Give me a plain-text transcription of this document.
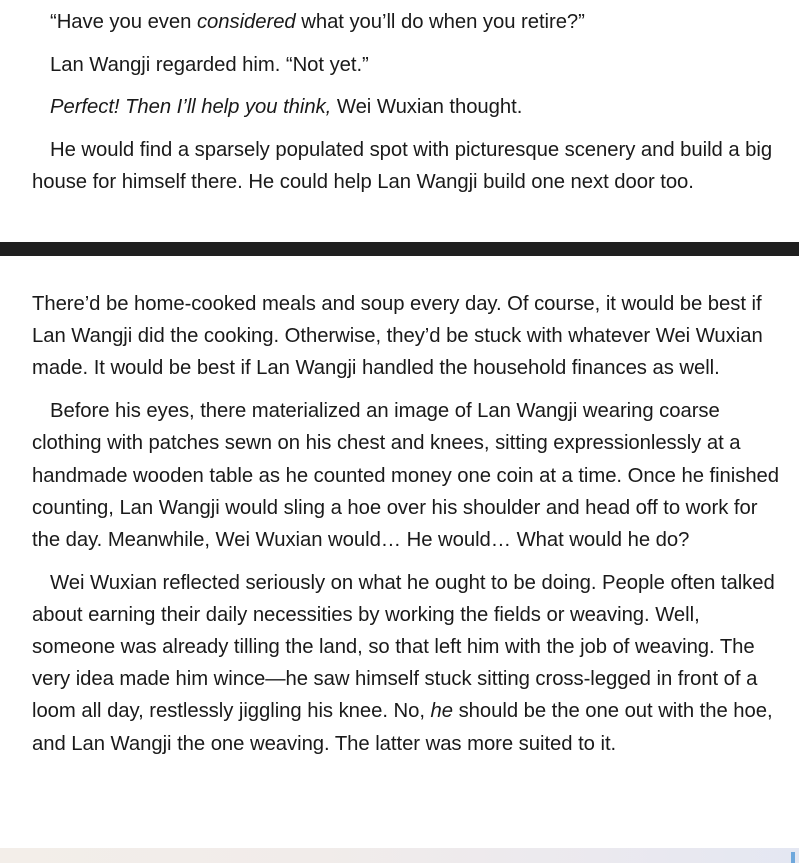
“Have you even considered what you’ll do when you retire?”

Lan Wangji regarded him. “Not yet.”

Perfect! Then I’ll help you think, Wei Wuxian thought.

He would find a sparsely populated spot with picturesque scenery and build a big house for himself there. He could help Lan Wangji build one next door too.

There’d be home-cooked meals and soup every day. Of course, it would be best if Lan Wangji did the cooking. Otherwise, they’d be stuck with whatever Wei Wuxian made. It would be best if Lan Wangji handled the household finances as well.

Before his eyes, there materialized an image of Lan Wangji wearing coarse clothing with patches sewn on his chest and knees, sitting expressionlessly at a handmade wooden table as he counted money one coin at a time. Once he finished counting, Lan Wangji would sling a hoe over his shoulder and head off to work for the day. Meanwhile, Wei Wuxian would… He would… What would he do?

Wei Wuxian reflected seriously on what he ought to be doing. People often talked about earning their daily necessities by working the fields or weaving. Well, someone was already tilling the land, so that left him with the job of weaving. The very idea made him wince—he saw himself stuck sitting cross-legged in front of a loom all day, restlessly jiggling his knee. No, he should be the one out with the hoe, and Lan Wangji the one weaving. The latter was more suited to it.
